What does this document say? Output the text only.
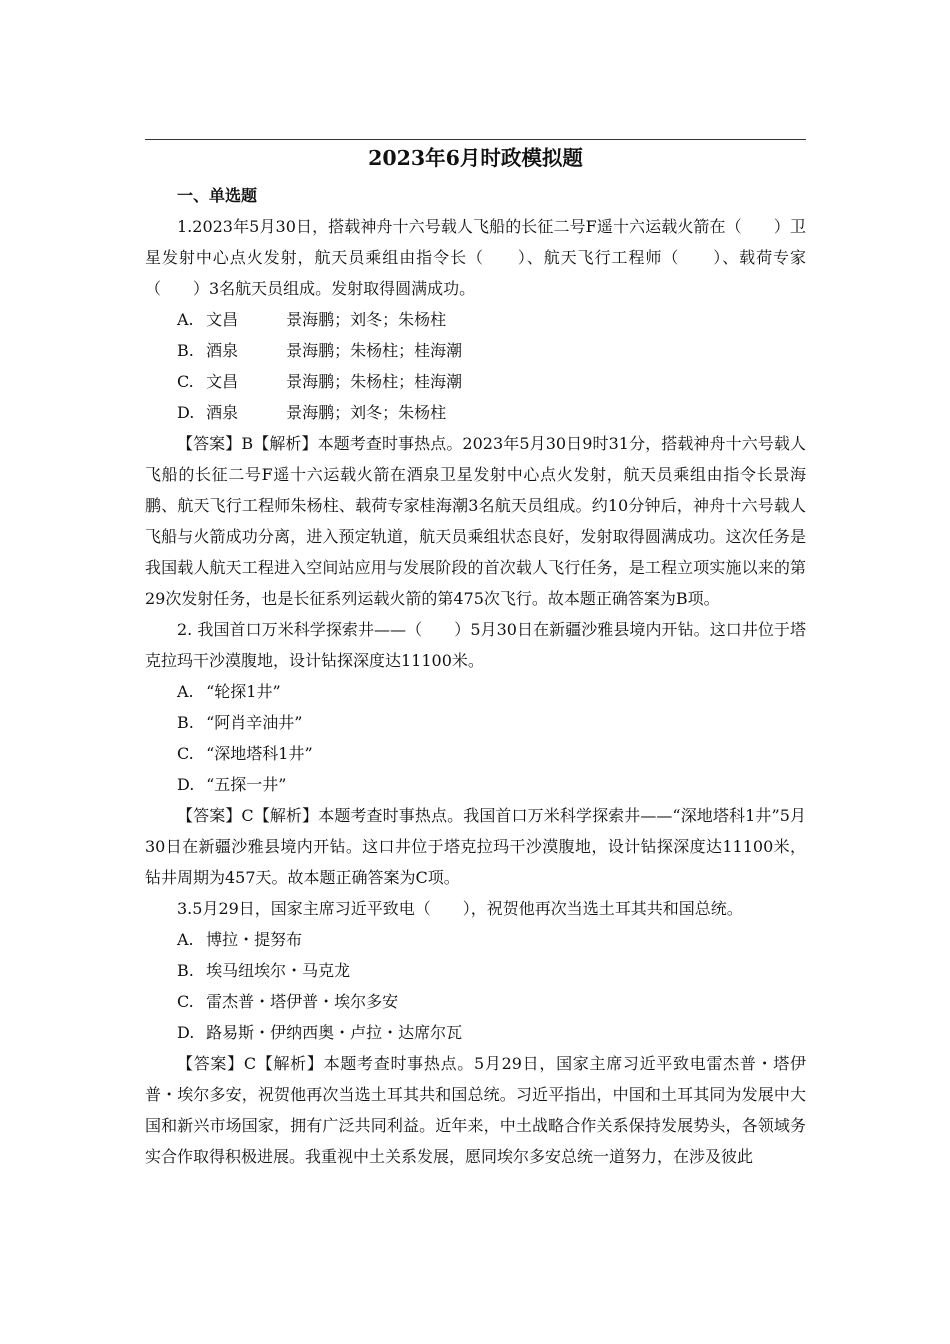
2023年6月时政模拟题

一、单选题

1.2023年5月30日，搭载神舟十六号载人飞船的长征二号F遥十六运载火箭在（　　）卫星发射中心点火发射，航天员乘组由指令长（　　）、航天飞行工程师（　　）、载荷专家（　　）3名航天员组成。发射取得圆满成功。

A. 文昌	景海鹏；刘冬；朱杨柱

B. 酒泉	景海鹏；朱杨柱；桂海潮

C. 文昌	景海鹏；朱杨柱；桂海潮

D. 酒泉	景海鹏；刘冬；朱杨柱

【答案】B【解析】本题考查时事热点。2023年5月30日9时31分，搭载神舟十六号载人飞船的长征二号F遥十六运载火箭在酒泉卫星发射中心点火发射，航天员乘组由指令长景海鹏、航天飞行工程师朱杨柱、载荷专家桂海潮3名航天员组成。约10分钟后，神舟十六号载人飞船与火箭成功分离，进入预定轨道，航天员乘组状态良好，发射取得圆满成功。这次任务是我国载人航天工程进入空间站应用与发展阶段的首次载人飞行任务，是工程立项实施以来的第29次发射任务，也是长征系列运载火箭的第475次飞行。故本题正确答案为B项。

2. 我国首口万米科学探索井——（　　）5月30日在新疆沙雅县境内开钻。这口井位于塔克拉玛干沙漠腹地，设计钻探深度达11100米。

A. “轮探1井”

B. “阿肖辛油井”

C. “深地塔科1井”

D. “五探一井”

【答案】C【解析】本题考查时事热点。我国首口万米科学探索井——“深地塔科1井”5月30日在新疆沙雅县境内开钻。这口井位于塔克拉玛干沙漠腹地，设计钻探深度达11100米，钻井周期为457天。故本题正确答案为C项。

3.5月29日，国家主席习近平致电（　　），祝贺他再次当选土耳其共和国总统。

A. 博拉・提努布

B. 埃马纽埃尔・马克龙

C. 雷杰普・塔伊普・埃尔多安

D. 路易斯・伊纳西奥・卢拉・达席尔瓦

【答案】C【解析】本题考查时事热点。5月29日，国家主席习近平致电雷杰普・塔伊普・埃尔多安，祝贺他再次当选土耳其共和国总统。习近平指出，中国和土耳其同为发展中大国和新兴市场国家，拥有广泛共同利益。近年来，中土战略合作关系保持发展势头，各领域务实合作取得积极进展。我重视中土关系发展，愿同埃尔多安总统一道努力，在涉及彼此
